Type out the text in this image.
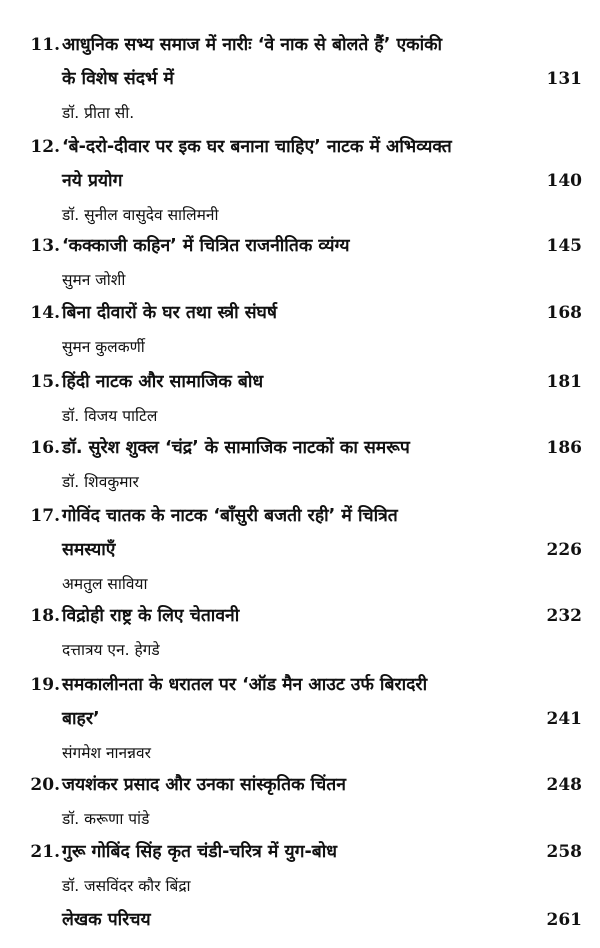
11. आधुनिक सभ्य समाज में नारीः ‘वे नाक से बोलते हैं’ एकांकी
के विशेष संदर्भ में	131
डॉ. प्रीता सी.
12. ‘बे-दरो-दीवार पर इक घर बनाना चाहिए’ नाटक में अभिव्यक्त
नये प्रयोग	140
डॉ. सुनील वासुदेव सालिमनी
13. ‘कक्काजी कहिन’ में चित्रित राजनीतिक व्यंग्य	145
सुमन जोशी
14. बिना दीवारों के घर तथा स्त्री संघर्ष	168
सुमन कुलकर्णी
15. हिंदी नाटक और सामाजिक बोध	181
डॉ. विजय पाटिल
16. डॉ. सुरेश शुक्ल ‘चंद्र’ के सामाजिक नाटकों का समरूप	186
डॉ. शिवकुमार
17. गोविंद चातक के नाटक ‘बाँसुरी बजती रही’ में चित्रित
समस्याएँ	226
अमतुल साविया
18. विद्रोही राष्ट्र के लिए चेतावनी	232
दत्तात्रय एन. हेगडे
19. समकालीनता के धरातल पर ‘ऑड मैन आउट उर्फ बिरादरी
बाहर’	241
संगमेश नानन्नवर
20. जयशंकर प्रसाद और उनका सांस्कृतिक चिंतन	248
डॉ. करूणा पांडे
21. गुरू गोबिंद सिंह कृत चंडी-चरित्र में युग-बोध	258
डॉ. जसविंदर कौर बिंद्रा
लेखक परिचय	261
